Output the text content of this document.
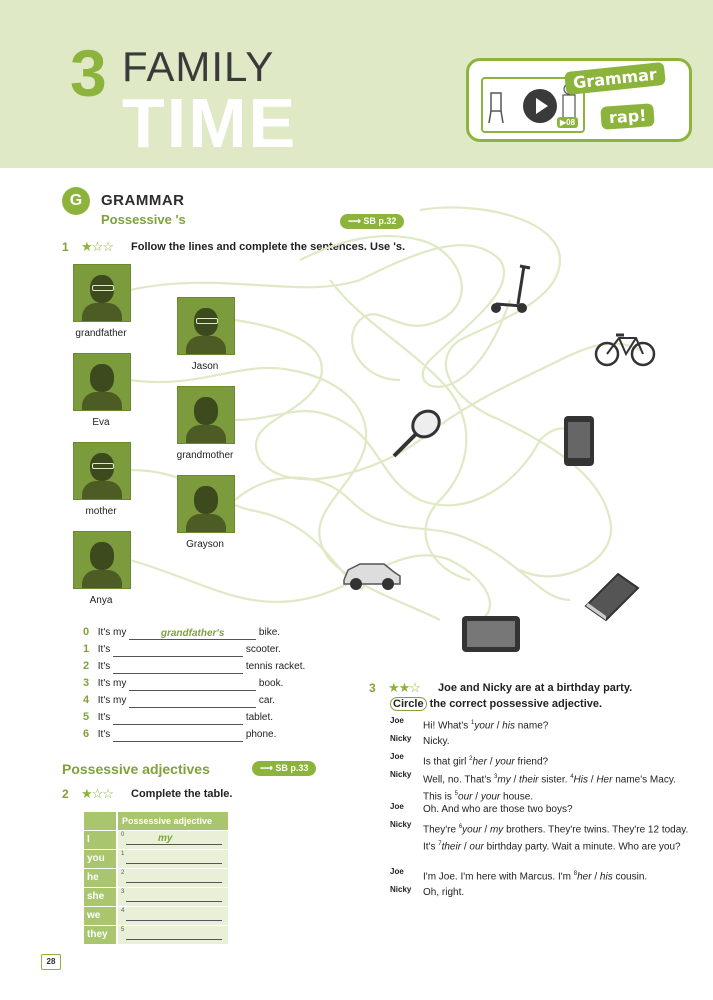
3 FAMILY
TIME	▶08
Grammar
rap!
G	GRAMMAR
Possessive 's	⟶ SB p.32
1 ★☆☆ Follow the lines and complete the sentences. Use 's.
grandfather
Jason
Eva
grandmother
mother
Grayson
Anya
0 It's my	grandfather's	bike.
1 It's	scooter.
2 It's	tennis racket.
3 It's my	book.
4 It's my	car.
5 It's	tablet.
6 It's	phone.
Possessive adjectives	⟶ SB p.33
2 ★☆☆ Complete the table.
Possessive adjective
I	0	my
you	1
he	2
she	3
we	4
they	5
3 ★★☆ Joe and Nicky are at a birthday party.
Circle the correct possessive adjective.
Joe	Hi! What's $^1$your / his name?
Nicky	Nicky.
Joe	Is that girl $^2$her / your friend?
Nicky	Well, no. That's $^3$my / their sister. $^4$His / Her name's Macy. This is $^5$our / your house.
Joe	Oh. And who are those two boys?
Nicky	They're $^6$your / my brothers. They're twins. They're 12 today. It's $^7$their / our birthday party. Wait a minute. Who are you?
Joe	I'm Joe. I'm here with Marcus. I'm $^8$her / his cousin.
Nicky	Oh, right.
28
